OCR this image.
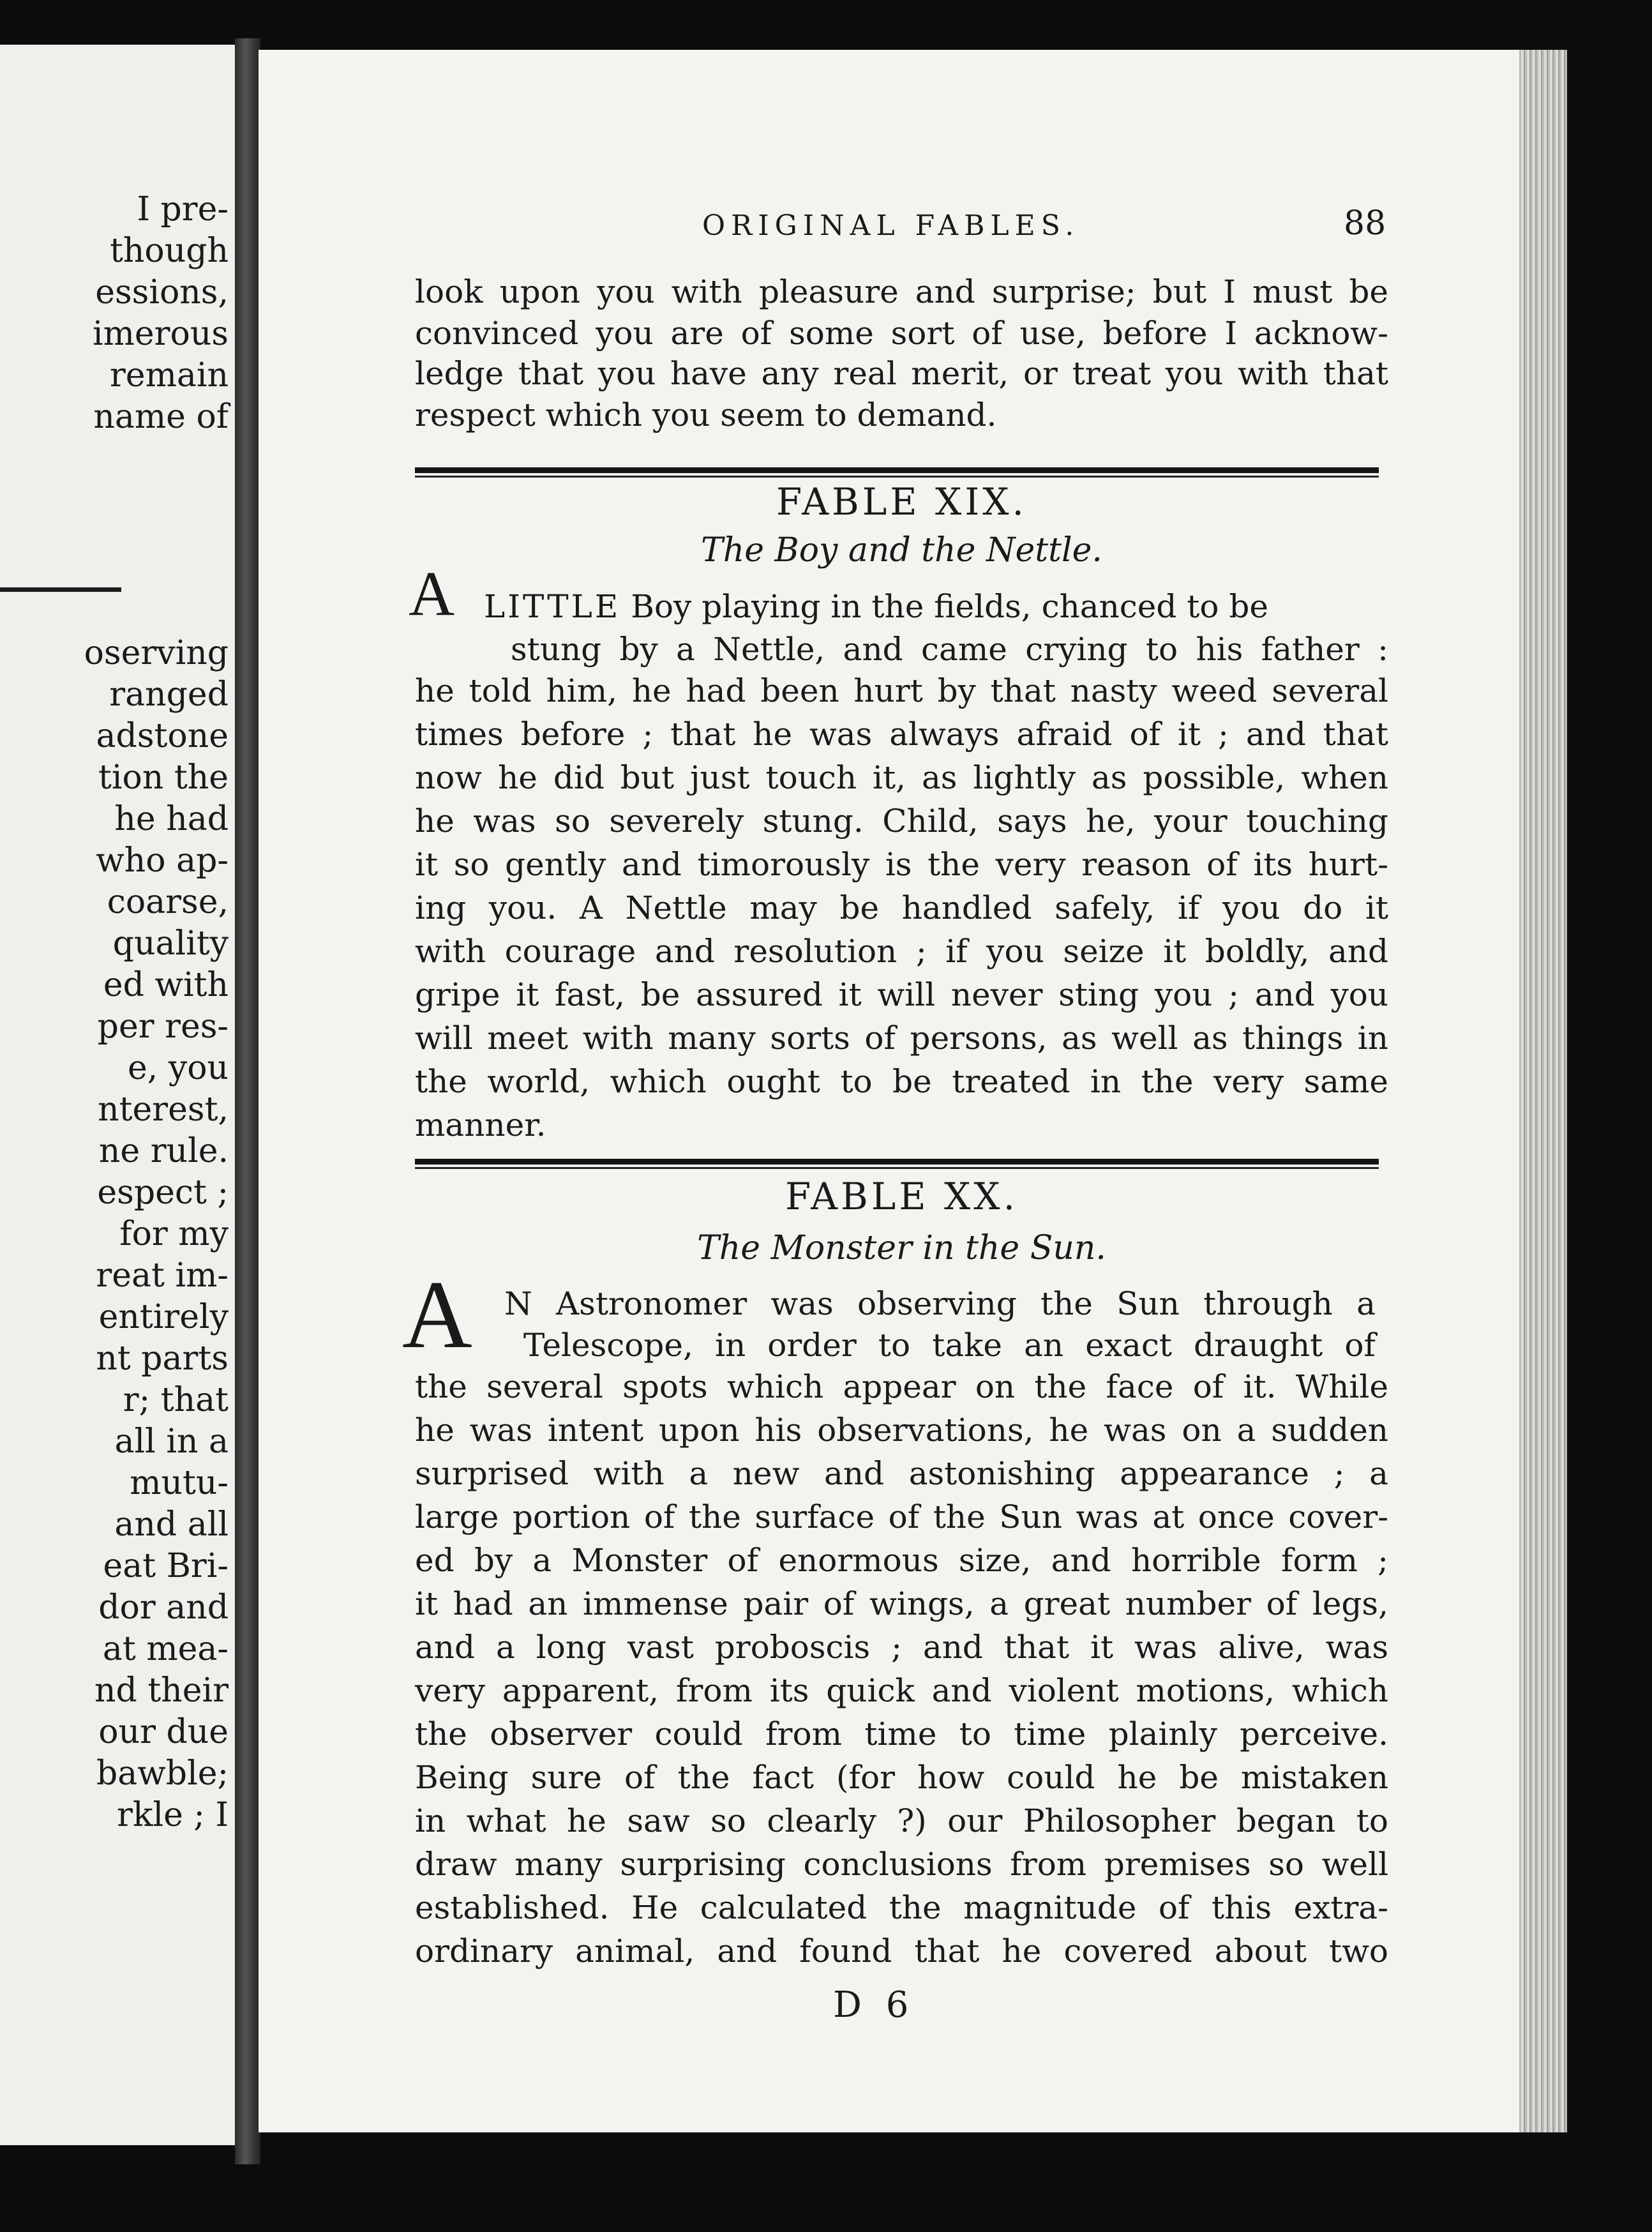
I pre-
though
essions,
imerous
remain
name of
oserving
ranged
adstone
tion the
he had
who ap-
coarse,
quality
ed with
per res-
e, you
nterest,
ne rule.
espect ;
for my
reat im-
entirely
nt parts
r; that
all in a
mutu-
and all
eat Bri-
dor and
at mea-
nd their
our due
bawble;
rkle ; I
ORIGINAL FABLES.	88
look upon you with pleasure and surprise; but I must be
convinced you are of some sort of use, before I acknow-
ledge that you have any real merit, or treat you with that
respect which you seem to demand.
FABLE XIX.
The Boy and the Nettle.
A LITTLE Boy playing in the fields, chanced to be
stung by a Nettle, and came crying to his father :
he told him, he had been hurt by that nasty weed several
times before ; that he was always afraid of it ; and that
now he did but just touch it, as lightly as possible, when
he was so severely stung. Child, says he, your touching
it so gently and timorously is the very reason of its hurt-
ing you. A Nettle may be handled safely, if you do it
with courage and resolution ; if you seize it boldly, and
gripe it fast, be assured it will never sting you ; and you
will meet with many sorts of persons, as well as things in
the world, which ought to be treated in the very same
manner.
FABLE XX.
The Monster in the Sun.
A N Astronomer was observing the Sun through a
Telescope, in order to take an exact draught of
the several spots which appear on the face of it. While
he was intent upon his observations, he was on a sudden
surprised with a new and astonishing appearance ; a
large portion of the surface of the Sun was at once cover-
ed by a Monster of enormous size, and horrible form ;
it had an immense pair of wings, a great number of legs,
and a long vast proboscis ; and that it was alive, was
very apparent, from its quick and violent motions, which
the observer could from time to time plainly perceive.
Being sure of the fact (for how could he be mistaken
in what he saw so clearly ?) our Philosopher began to
draw many surprising conclusions from premises so well
established. He calculated the magnitude of this extra-
ordinary animal, and found that he covered about two
D 6
